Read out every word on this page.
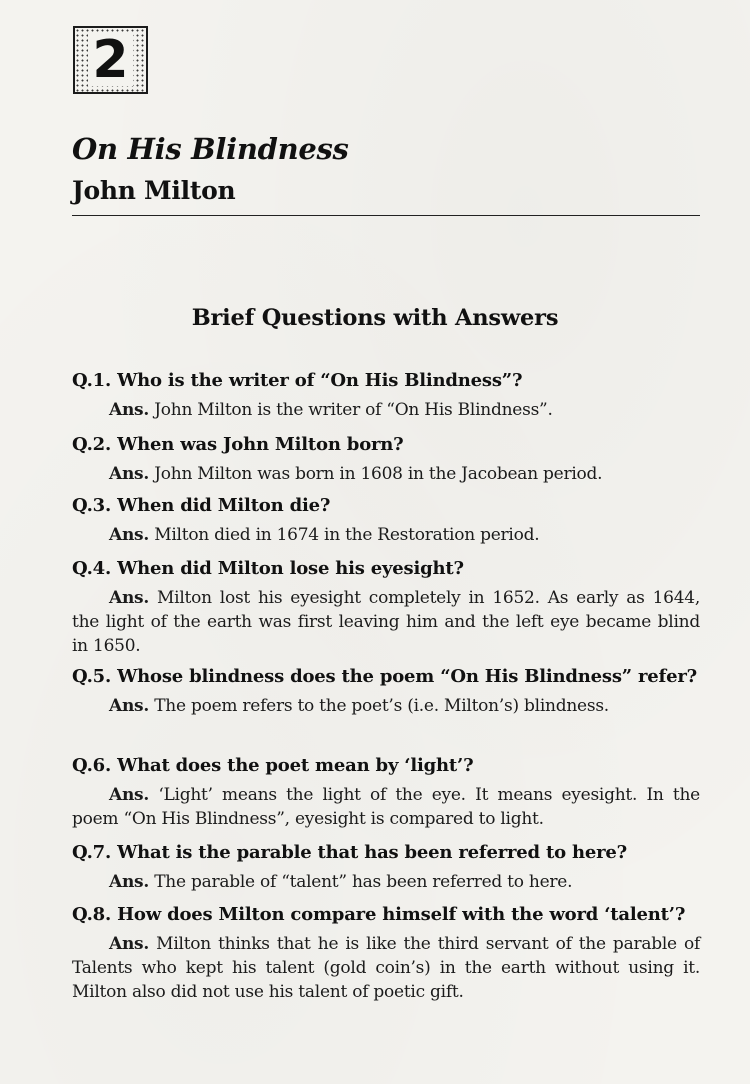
2
On His Blindness
John Milton
Brief Questions with Answers
Q.1. Who is the writer of “On His Blindness”?
Ans. John Milton is the writer of “On His Blindness”.
Q.2. When was John Milton born?
Ans. John Milton was born in 1608 in the Jacobean period.
Q.3. When did Milton die?
Ans. Milton died in 1674 in the Restoration period.
Q.4. When did Milton lose his eyesight?
Ans. Milton lost his eyesight completely in 1652. As early as 1644, the light of the earth was first leaving him and the left eye became blind in 1650.
Q.5. Whose blindness does the poem “On His Blindness” refer?
Ans. The poem refers to the poet’s (i.e. Milton’s) blindness.
Q.6. What does the poet mean by ‘light’?
Ans. ‘Light’ means the light of the eye. It means eyesight. In the poem “On His Blindness”, eyesight is compared to light.
Q.7. What is the parable that has been referred to here?
Ans. The parable of “talent” has been referred to here.
Q.8. How does Milton compare himself with the word ‘talent’?
Ans. Milton thinks that he is like the third servant of the parable of Talents who kept his talent (gold coin’s) in the earth without using it. Milton also did not use his talent of poetic gift.
